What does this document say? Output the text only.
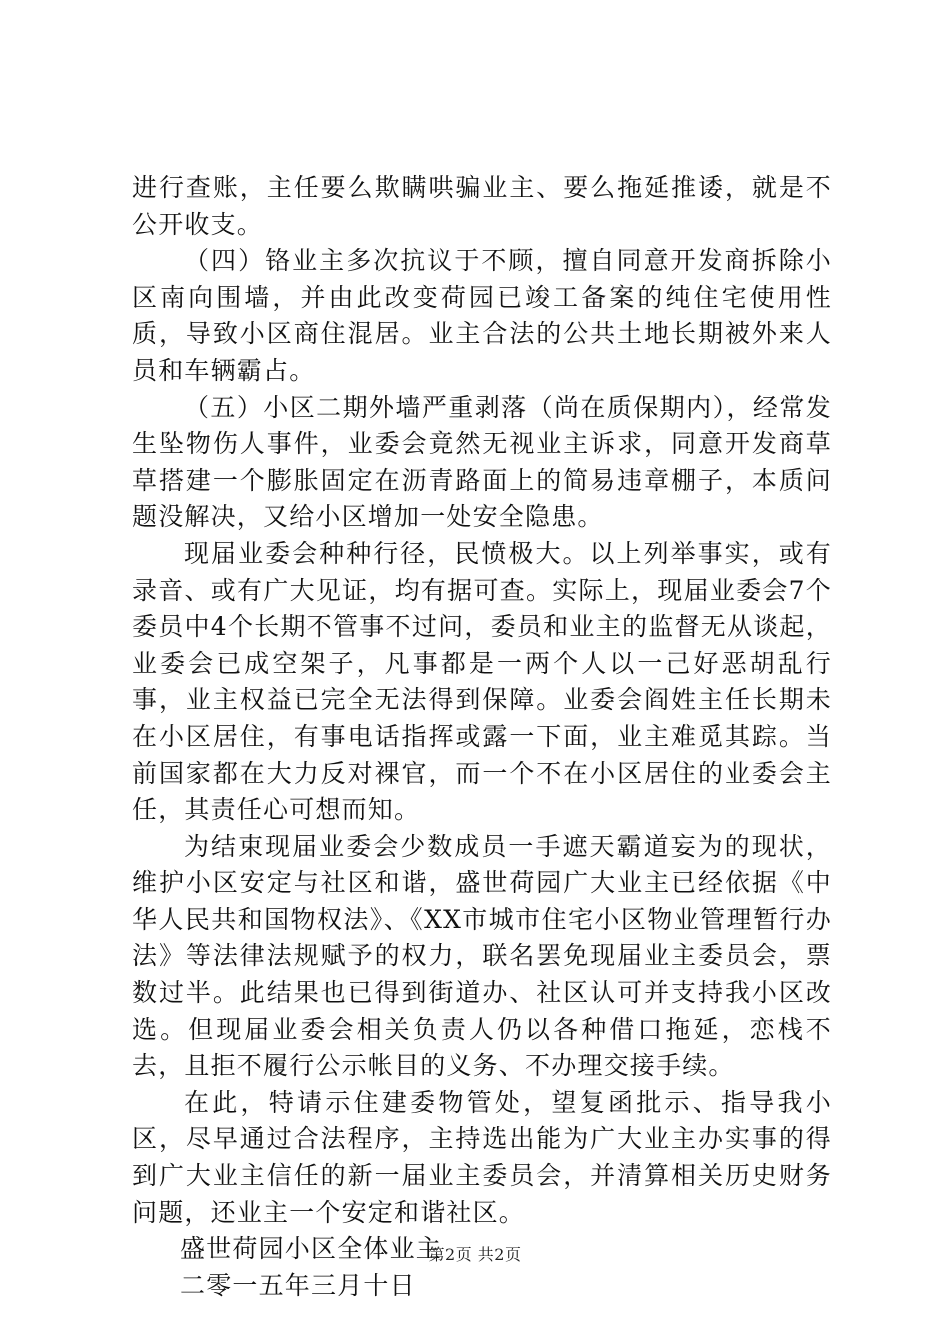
进行查账，主任要么欺瞒哄骗业主、要么拖延推诿，就是不公开收支。

（四）铬业主多次抗议于不顾，擅自同意开发商拆除小区南向围墙，并由此改变荷园已竣工备案的纯住宅使用性质，导致小区商住混居。业主合法的公共土地长期被外来人员和车辆霸占。

（五）小区二期外墙严重剥落（尚在质保期内），经常发生坠物伤人事件，业委会竟然无视业主诉求，同意开发商草草搭建一个膨胀固定在沥青路面上的简易违章棚子，本质问题没解决，又给小区增加一处安全隐患。

现届业委会种种行径，民愤极大。以上列举事实，或有录音、或有广大见证，均有据可查。实际上，现届业委会7个委员中4个长期不管事不过问，委员和业主的监督无从谈起，业委会已成空架子，凡事都是一两个人以一己好恶胡乱行事，业主权益已完全无法得到保障。业委会阎姓主任长期未在小区居住，有事电话指挥或露一下面，业主难觅其踪。当前国家都在大力反对裸官，而一个不在小区居住的业委会主任，其责任心可想而知。

为结束现届业委会少数成员一手遮天霸道妄为的现状，维护小区安定与社区和谐，盛世荷园广大业主已经依据《中华人民共和国物权法》、《XX市城市住宅小区物业管理暂行办法》等法律法规赋予的权力，联名罢免现届业主委员会，票数过半。此结果也已得到街道办、社区认可并支持我小区改选。但现届业委会相关负责人仍以各种借口拖延，恋栈不去，且拒不履行公示帐目的义务、不办理交接手续。

在此，特请示住建委物管处，望复函批示、指导我小区，尽早通过合法程序，主持选出能为广大业主办实事的得到广大业主信任的新一届业主委员会，并清算相关历史财务问题，还业主一个安定和谐社区。

盛世荷园小区全体业主

二零一五年三月十日

第2页 共2页
